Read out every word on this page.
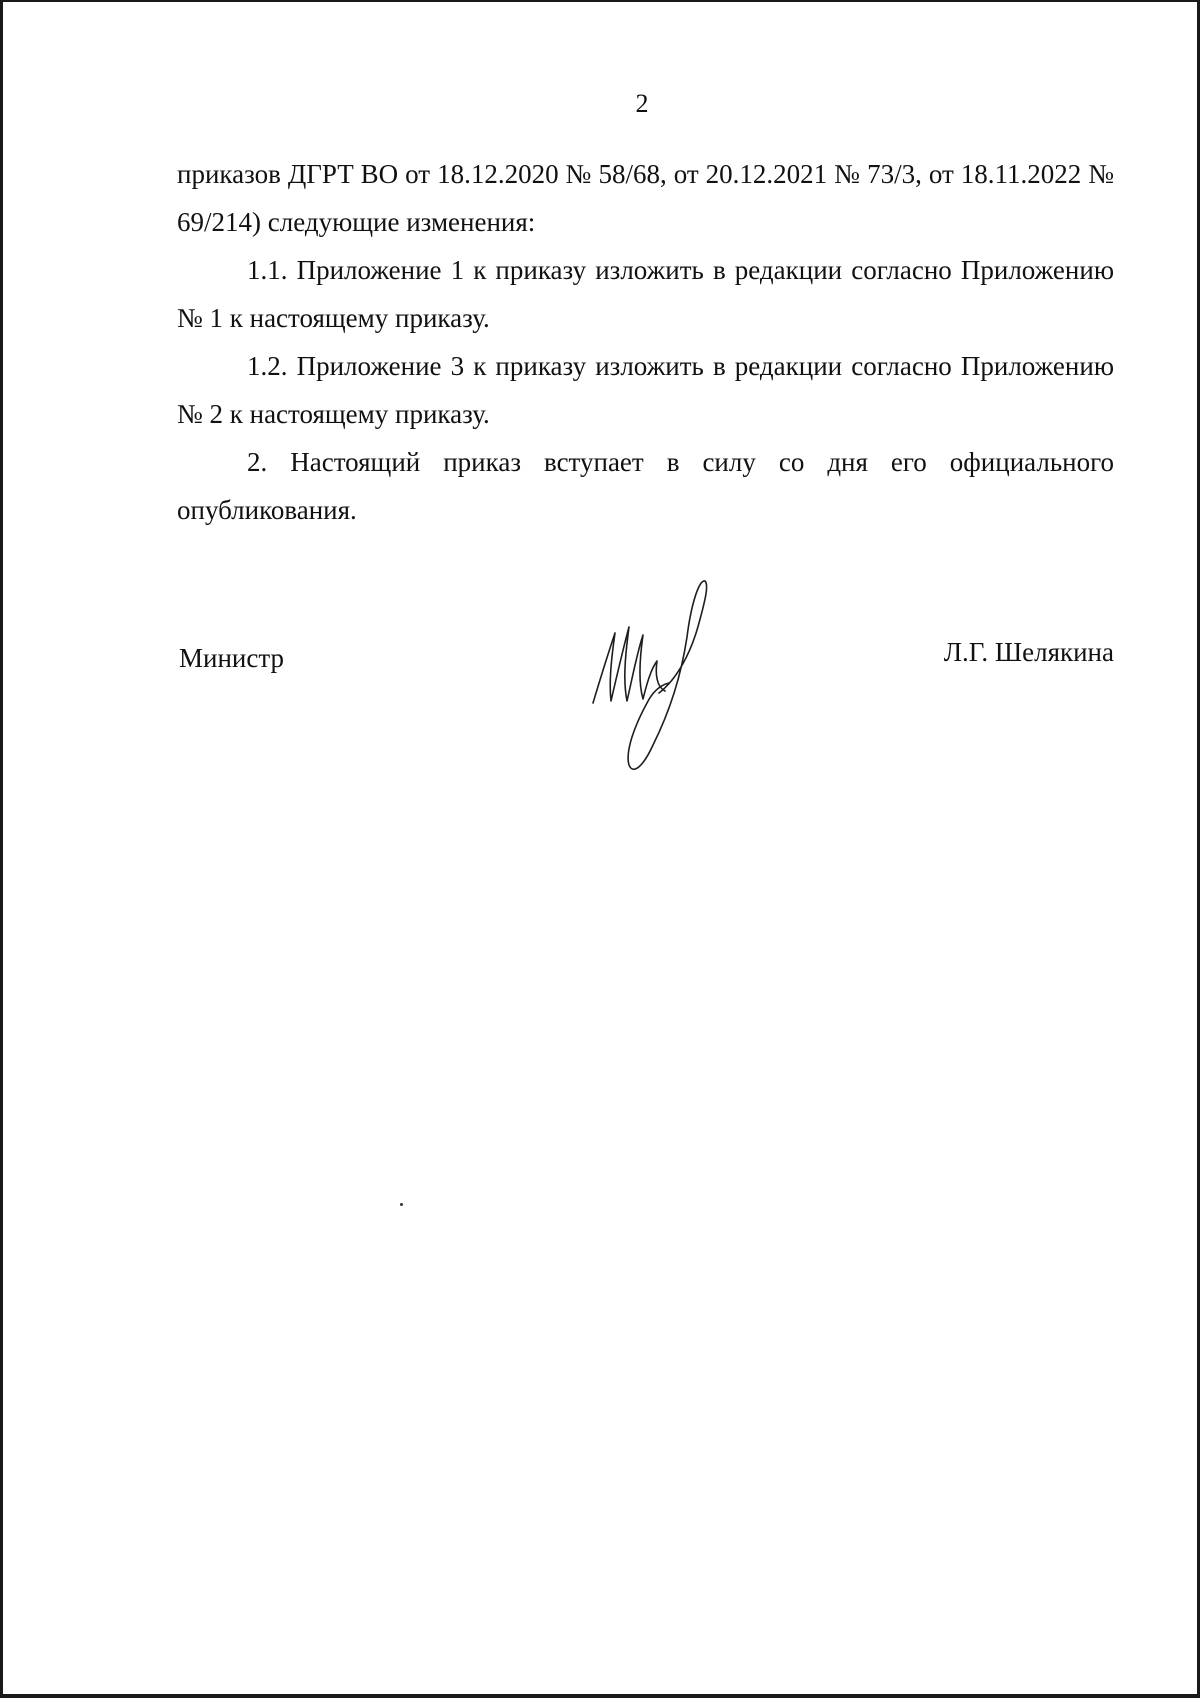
2

приказов ДГРТ ВО от 18.12.2020 № 58/68, от 20.12.2021 № 73/3, от 18.11.2022 № 69/214) следующие изменения:

1.1. Приложение 1 к приказу изложить в редакции согласно Приложению № 1 к настоящему приказу.

1.2. Приложение 3 к приказу изложить в редакции согласно Приложению № 2 к настоящему приказу.

2. Настоящий приказ вступает в силу со дня его официального опубликования.

Министр	Л.Г. Шелякина
